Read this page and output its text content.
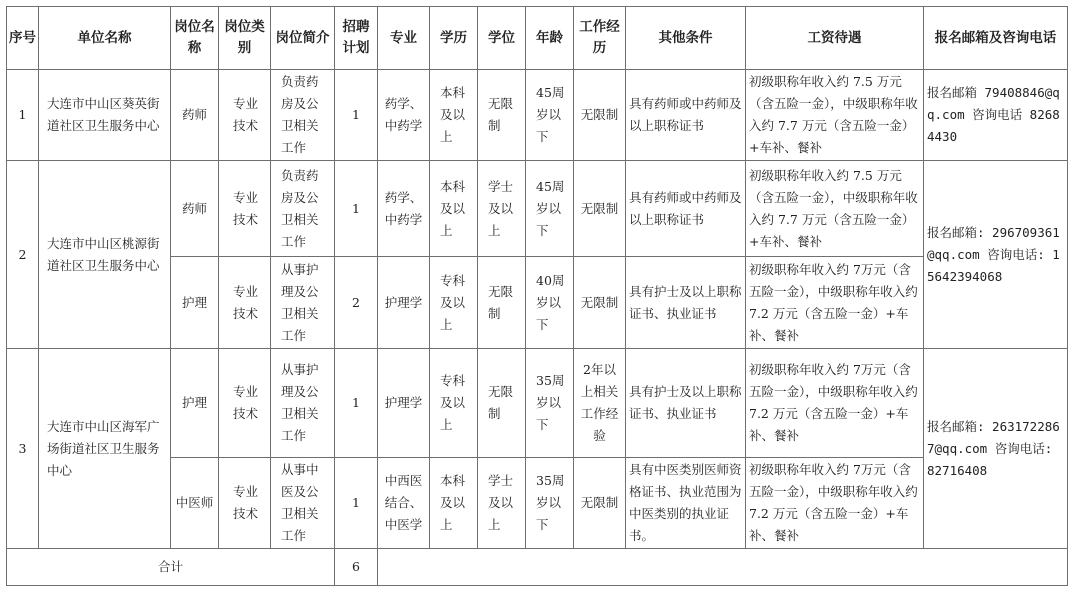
序号	单位名称	岗位名称	岗位类别	岗位简介	招聘计划	专业	学历	学位	年龄	工作经历	其他条件	工资待遇	报名邮箱及咨询电话
1	大连市中山区葵英街道社区卫生服务中心	药师	专业技术	负责药房及公卫相关工作	1	药学、中药学	本科及以上	无限制	45周岁以下	无限制	具有药师或中药师及以上职称证书	初级职称年收入约 7.5 万元（含五险一金），中级职称年收入约 7.7 万元（含五险一金）+车补、餐补	报名邮箱 79408846@qq.com 咨询电话 82684430
2	大连市中山区桃源街道社区卫生服务中心	药师	专业技术	负责药房及公卫相关工作	1	药学、中药学	本科及以上	学士及以上	45周岁以下	无限制	具有药师或中药师及以上职称证书	初级职称年收入约 7.5 万元（含五险一金），中级职称年收入约 7.7 万元（含五险一金）+车补、餐补	报名邮箱: 296709361@qq.com 咨询电话: 15642394068
		护理	专业技术	从事护理及公卫相关工作	2	护理学	专科及以上	无限制	40周岁以下	无限制	具有护士及以上职称证书、执业证书	初级职称年收入约 7万元（含五险一金），中级职称年收入约 7.2 万元（含五险一金）+车补、餐补	
3	大连市中山区海军广场街道社区卫生服务中心	护理	专业技术	从事护理及公卫相关工作	1	护理学	专科及以上	无限制	35周岁以下	2年以上相关工作经验	具有护士及以上职称证书、执业证书	初级职称年收入约 7万元（含五险一金），中级职称年收入约 7.2 万元（含五险一金）+车补、餐补	报名邮箱: 2631722867@qq.com 咨询电话: 82716408
		中医师	专业技术	从事中医及公卫相关工作	1	中西医结合、中医学	本科及以上	学士及以上	35周岁以下	无限制	具有中医类别医师资格证书、执业范围为中医类别的执业证书。	初级职称年收入约 7万元（含五险一金），中级职称年收入约 7.2 万元（含五险一金）+车补、餐补	
合计					6								
